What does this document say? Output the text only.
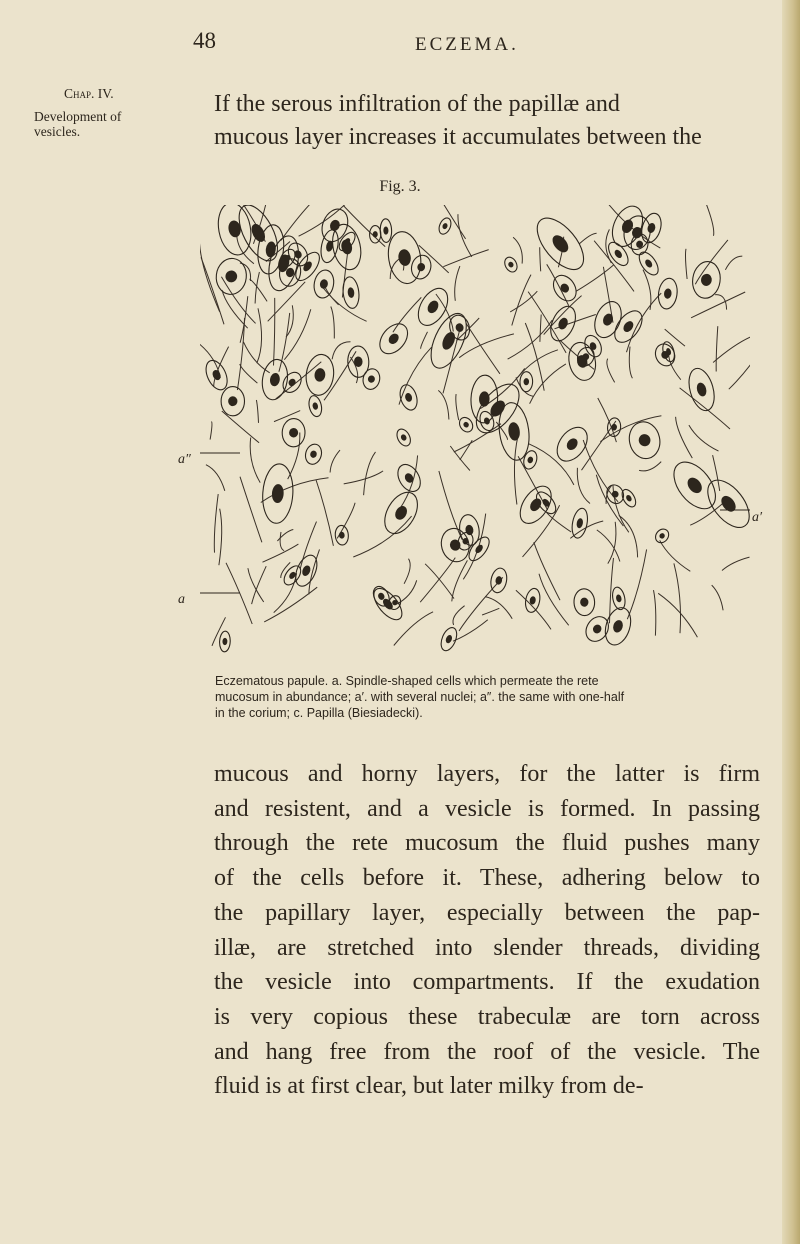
48	ECZEMA.
Chap. IV.
Development of vesicles.
If the serous infiltration of the papillæ and
mucous layer increases it accumulates between the
Fig. 3.
a″
a
a′
Eczematous papule. a. Spindle-shaped cells which permeate the rete
mucosum in abundance; a′. with several nuclei; a″. the same with one-half
in the corium; c. Papilla (Biesiadecki).
mucous and horny layers, for the latter is firm
and resistent, and a vesicle is formed. In passing
through the rete mucosum the fluid pushes many
of the cells before it. These, adhering below to
the papillary layer, especially between the pap-
illæ, are stretched into slender threads, dividing
the vesicle into compartments. If the exudation
is very copious these trabeculæ are torn across
and hang free from the roof of the vesicle. The
fluid is at first clear, but later milky from de-
